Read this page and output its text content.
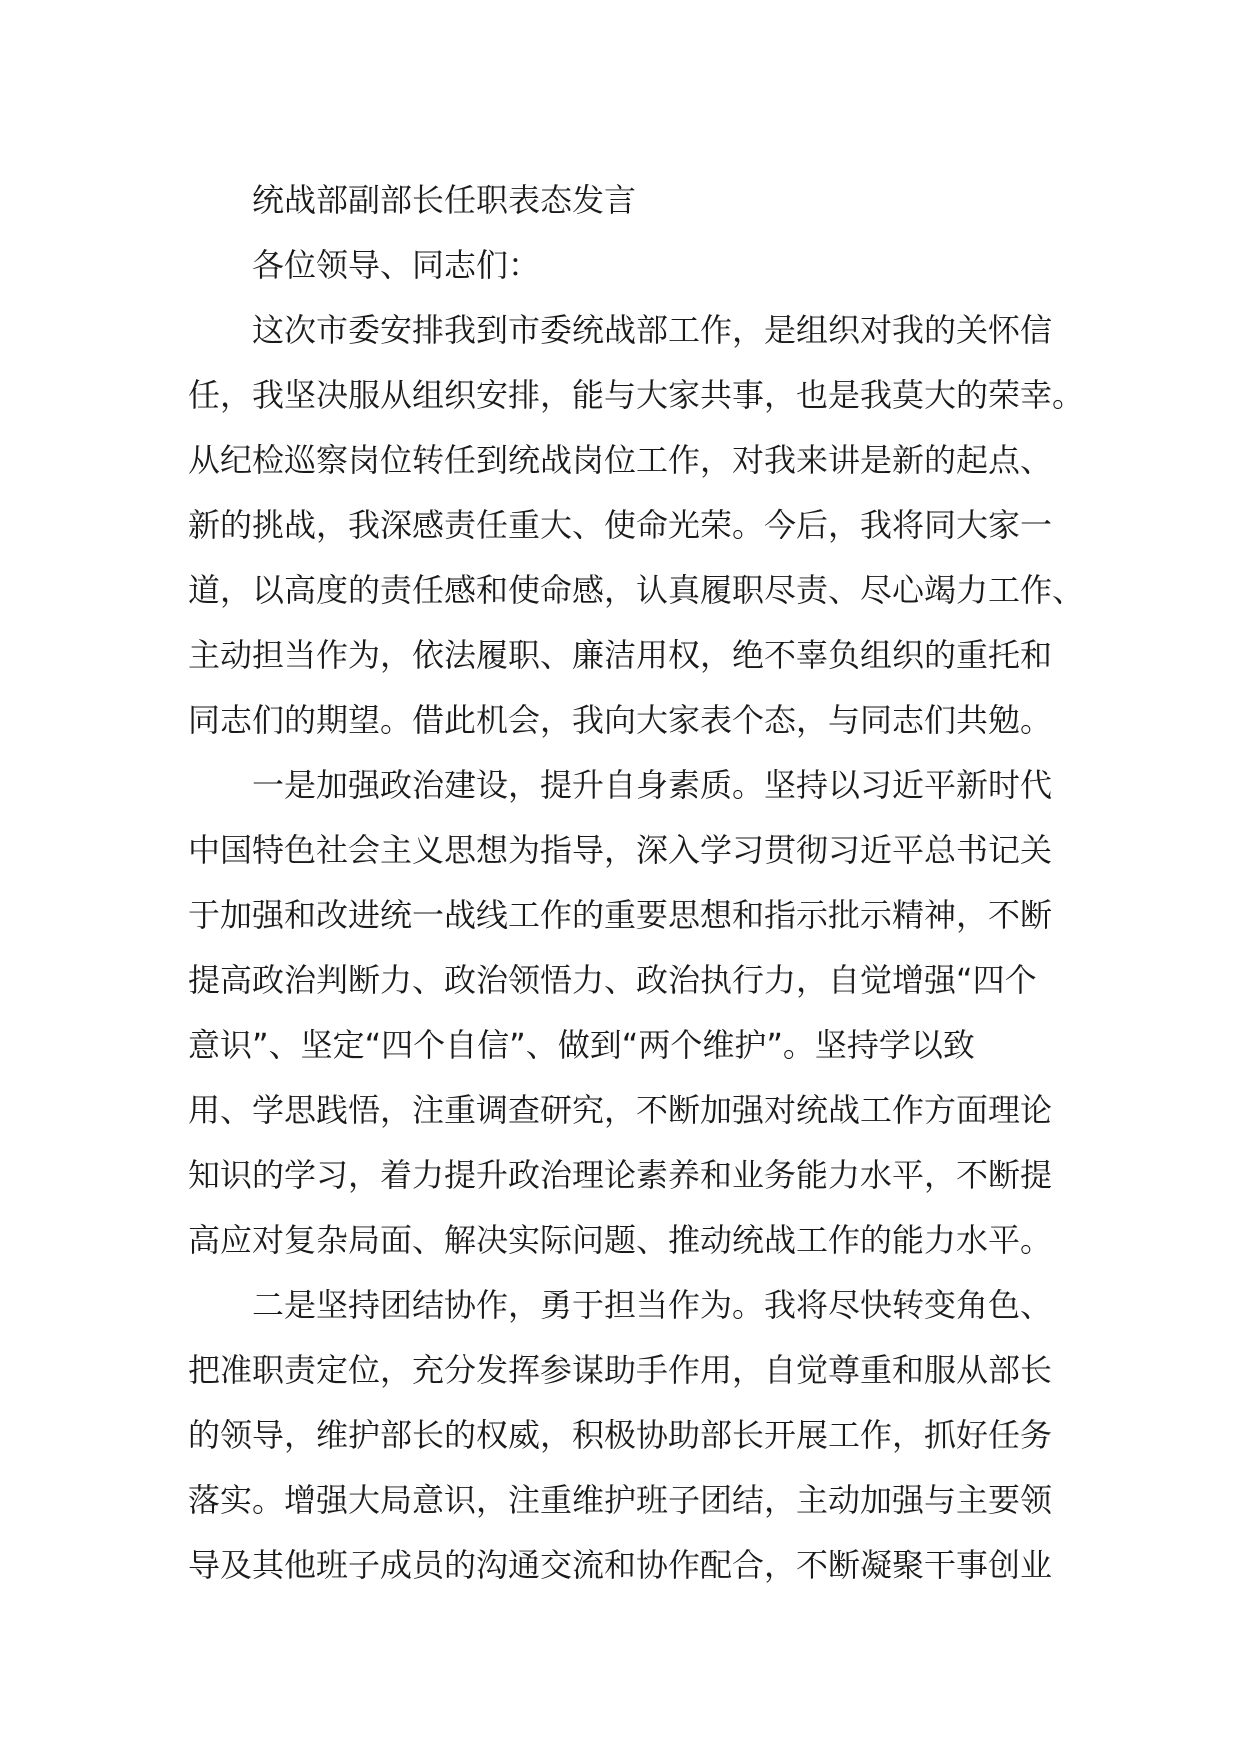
统战部副部长任职表态发言
各位领导、同志们：
这次市委安排我到市委统战部工作，是组织对我的关怀信
任，我坚决服从组织安排，能与大家共事，也是我莫大的荣幸。
从纪检巡察岗位转任到统战岗位工作，对我来讲是新的起点、
新的挑战，我深感责任重大、使命光荣。今后，我将同大家一
道，以高度的责任感和使命感，认真履职尽责、尽心竭力工作、
主动担当作为，依法履职、廉洁用权，绝不辜负组织的重托和
同志们的期望。借此机会，我向大家表个态，与同志们共勉。
一是加强政治建设，提升自身素质。坚持以习近平新时代
中国特色社会主义思想为指导，深入学习贯彻习近平总书记关
于加强和改进统一战线工作的重要思想和指示批示精神，不断
提高政治判断力、政治领悟力、政治执行力，自觉增强“四个
意识”、坚定“四个自信”、做到“两个维护”。坚持学以致
用、学思践悟，注重调查研究，不断加强对统战工作方面理论
知识的学习，着力提升政治理论素养和业务能力水平，不断提
高应对复杂局面、解决实际问题、推动统战工作的能力水平。
二是坚持团结协作，勇于担当作为。我将尽快转变角色、
把准职责定位，充分发挥参谋助手作用，自觉尊重和服从部长
的领导，维护部长的权威，积极协助部长开展工作，抓好任务
落实。增强大局意识，注重维护班子团结，主动加强与主要领
导及其他班子成员的沟通交流和协作配合，不断凝聚干事创业
